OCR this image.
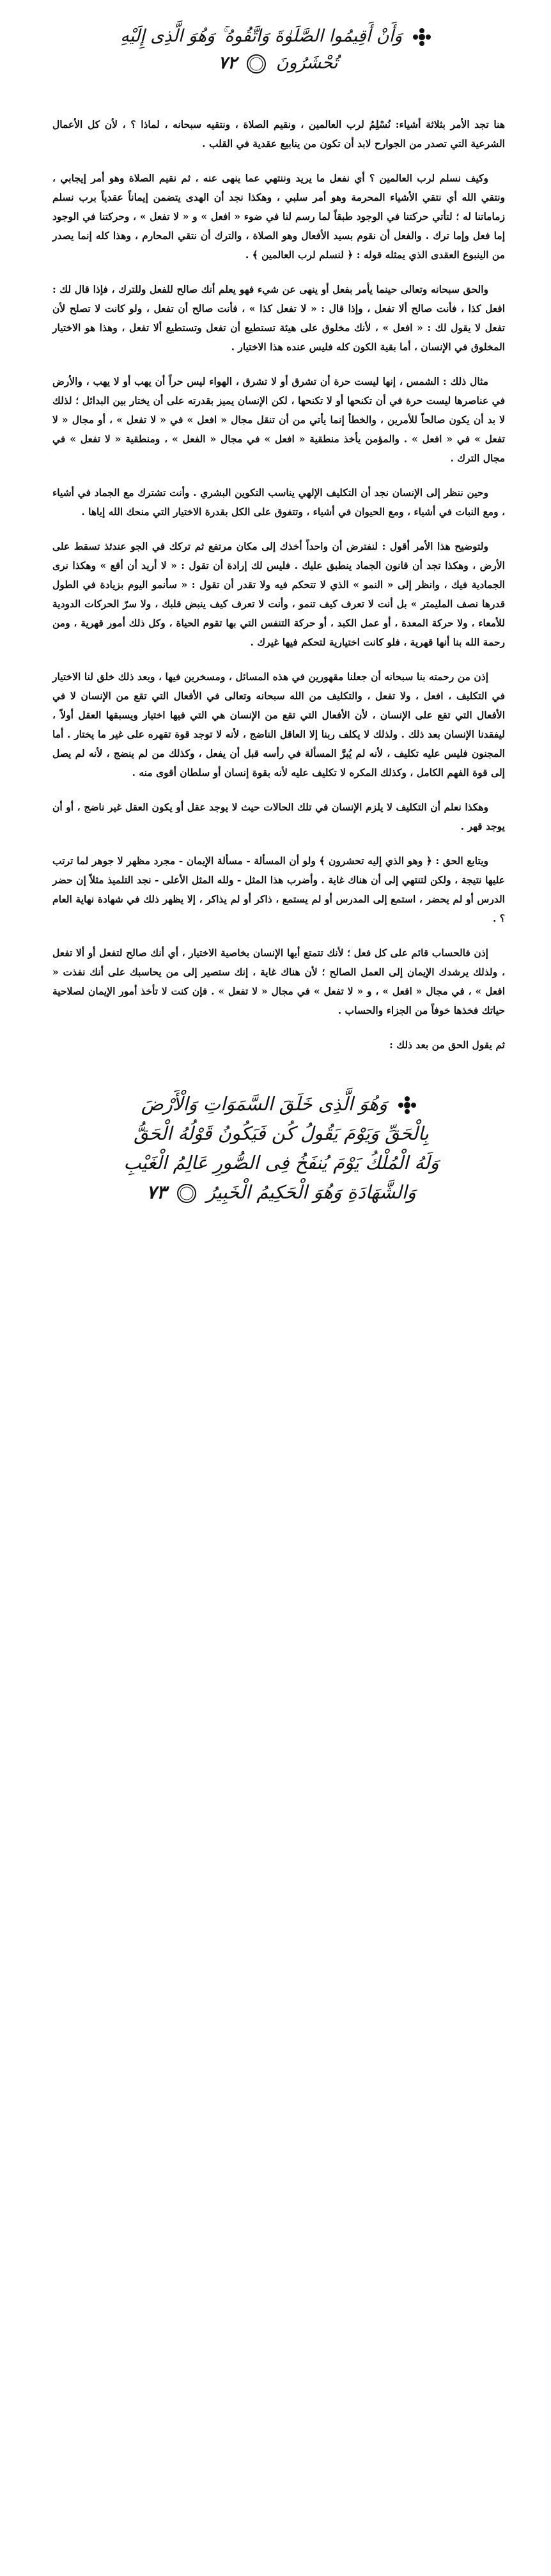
وَأَنْ أَقِيمُوا الصَّلَوٰةَ وَاتَّقُوهُ ۚ وَهُوَ الَّذِى إِلَيْهِ
تُحْشَرُونَ  ٧٢

هنا تجد الأمر بثلاثة أشياء: نُسْلِمُ لرب العالمين ، ونقيم الصلاة ، ونتقيه سبحانه ، لماذا ؟ ، لأن كل الأعمال الشرعية التي تصدر من الجوارح لابد أن تكون من ينابيع عقدية في القلب .

وكيف نسلم لرب العالمين ؟ أي نفعل ما يريد وننتهي عما ينهى عنه ، ثم نقيم الصلاة وهو أمر إيجابي ، ونتقي الله أي نتقي الأشياء المحرمة وهو أمر سلبي ، وهكذا نجد أن الهدى يتضمن إيماناً عقدياً برب نسلم زماماتنا له ؛ لتأتي حركتنا في الوجود طبقاً لما رسم لنا في ضوء « افعل » و « لا تفعل » ، وحركتنا في الوجود إما فعل وإما ترك . والفعل أن نقوم بسيد الأفعال وهو الصلاة ، والترك أن نتقي المحارم ، وهذا كله إنما يصدر من الينبوع العقدى الذي يمثله قوله : ﴿ لنسلم لرب العالمين ﴾ .

والحق سبحانه وتعالى حينما يأمر بفعل أو ينهى عن شيء فهو يعلم أنك صالح للفعل وللترك ، فإذا قال لك : افعل كذا ، فأنت صالح ألا تفعل ، وإذا قال : « لا تفعل كذا » ، فأنت صالح أن تفعل ، ولو كانت لا تصلح لأن تفعل لا يقول لك : « افعل » ، لأنك مخلوق على هيئة تستطيع أن تفعل وتستطيع ألا تفعل ، وهذا هو الاختيار المخلوق في الإنسان ، أما بقية الكون كله فليس عنده هذا الاختيار .

مثال ذلك : الشمس ، إنها ليست حرة أن تشرق أو لا تشرق ، الهواء ليس حراً أن يهب أو لا يهب ، والأرض في عناصرها ليست حرة في أن تكنحها أو لا تكنحها ، لكن الإنسان يميز بقدرته على أن يختار بين البدائل ؛ لذلك لا بد أن يكون صالحاً للأمرين ، والخطأ إنما يأتي من أن تنقل مجال « افعل » في « لا تفعل » ، أو مجال « لا تفعل » في « افعل » . والمؤمن يأخذ منطقية « افعل » في مجال « الفعل » ، ومنطقية « لا تفعل » في مجال الترك .

وحين ننظر إلى الإنسان نجد أن التكليف الإلهي يناسب التكوين البشري . وأنت تشترك مع الجماد في أشياء ، ومع النبات في أشياء ، ومع الحيوان في أشياء ، وتتفوق على الكل بقدرة الاختيار التي منحك الله إياها .

ولتوضيح هذا الأمر أقول : لنفترض أن واحداً أخذك إلى مكان مرتفع ثم تركك في الجو عندئذ تسقط على الأرض ، وهكذا تجد أن قانون الجماد ينطبق عليك . فليس لك إرادة أن تقول : « لا أريد أن أقع » وهكذا نرى الجمادية فيك ، وانظر إلى « النمو » الذي لا تتحكم فيه ولا تقدر أن تقول : « سأنمو اليوم بزيادة في الطول قدرها نصف المليمتر » بل أنت لا تعرف كيف تنمو ، وأنت لا تعرف كيف ينبض قلبك ، ولا سرّ الحركات الدودية للأمعاء ، ولا حركة المعدة ، أو عمل الكبد ، أو حركة التنفس التي بها تقوم الحياة ، وكل ذلك أمور قهرية ، ومن رحمة الله بنا أنها قهرية ، فلو كانت اختيارية لتحكم فيها غيرك .

إذن من رحمته بنا سبحانه أن جعلنا مقهورين في هذه المسائل ، ومسخرين فيها ، وبعد ذلك خلق لنا الاختيار في التكليف ، افعل ، ولا تفعل ، والتكليف من الله سبحانه وتعالى في الأفعال التي تقع من الإنسان لا في الأفعال التي تقع على الإنسان ، لأن الأفعال التي تقع من الإنسان هي التي فيها اختيار ويسبقها العقل أولاً ، ليفقدنا الإنسان بعد ذلك . ولذلك لا يكلف ربنا إلا العاقل الناضج ، لأنه لا توجد قوة تقهره على غير ما يختار . أما المجنون فليس عليه تكليف ، لأنه لم يُبرَّ المسألة في رأسه قبل أن يفعل ، وكذلك من لم ينضج ، لأنه لم يصل إلى قوة الفهم الكامل ، وكذلك المكره لا تكليف عليه لأنه بقوة إنسان أو سلطان أقوى منه .

وهكذا نعلم أن التكليف لا يلزم الإنسان في تلك الحالات حيث لا يوجد عقل أو يكون العقل غير ناضج ، أو أن يوجد قهر .

ويتابع الحق : ﴿ وهو الذي إليه تحشرون ﴾ ولو أن المسألة - مسألة الإيمان - مجرد مظهر لا جوهر لما ترتب عليها نتيجة ، ولكن لتنتهي إلى أن هناك غاية . وأضرب هذا المثل - ولله المثل الأعلى - نجد التلميذ مثلاً إن حضر الدرس أو لم يحضر ، استمع إلى المدرس أو لم يستمع ، ذاكر أو لم يذاكر ، إلا يظهر ذلك في شهادة نهاية العام ؟ .

إذن فالحساب قائم على كل فعل ؛ لأنك تتمتع أيها الإنسان بخاصية الاختيار ، أي أنك صالح لتفعل أو ألا تفعل ، ولذلك يرشدك الإيمان إلى العمل الصالح ؛ لأن هناك غاية ، إنك ستصير إلى من يحاسبك على أنك نفذت « افعل » ، في مجال « افعل » ، و « لا تفعل » في مجال « لا تفعل » . فإن كنت لا تأخذ أمور الإيمان لصلاحية حياتك فخذها خوفاً من الجزاء والحساب .

ثم يقول الحق من بعد ذلك :

وَهُوَ الَّذِى خَلَقَ السَّمَوَاتِ وَالْأَرْضَ
بِالْحَقِّ وَيَوْمَ يَقُولُ كُن فَيَكُونُ قَوْلُهُ الْحَقُّ
وَلَهُ الْمُلْكُ يَوْمَ يُنفَخُ فِى الصُّورِ عَالِمُ الْغَيْبِ
وَالشَّهَادَةِ وَهُوَ الْحَكِيمُ الْخَبِيرُ  ٧٣
